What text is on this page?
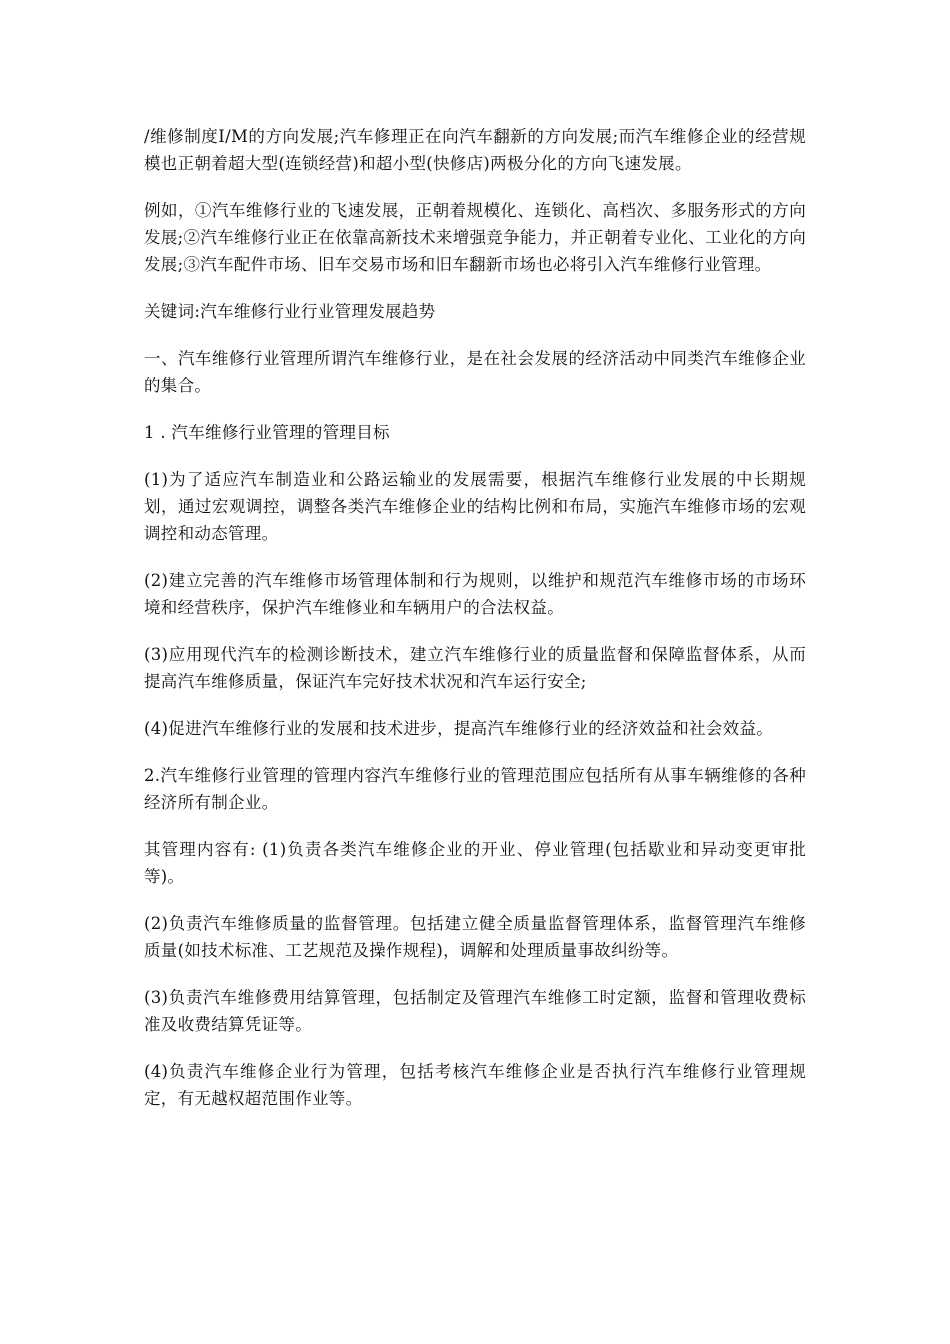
/维修制度I/M的方向发展;汽车修理正在向汽车翻新的方向发展;而汽车维修企业的经营规模也正朝着超大型(连锁经营)和超小型(快修店)两极分化的方向飞速发展。

例如，①汽车维修行业的飞速发展，正朝着规模化、连锁化、高档次、多服务形式的方向发展;②汽车维修行业正在依靠高新技术来增强竞争能力，并正朝着专业化、工业化的方向发展;③汽车配件市场、旧车交易市场和旧车翻新市场也必将引入汽车维修行业管理。

关键词:汽车维修行业行业管理发展趋势

一、汽车维修行业管理所谓汽车维修行业，是在社会发展的经济活动中同类汽车维修企业的集合。

1 . 汽车维修行业管理的管理目标

(1)为了适应汽车制造业和公路运输业的发展需要，根据汽车维修行业发展的中长期规划，通过宏观调控，调整各类汽车维修企业的结构比例和布局，实施汽车维修市场的宏观调控和动态管理。

(2)建立完善的汽车维修市场管理体制和行为规则，以维护和规范汽车维修市场的市场环境和经营秩序，保护汽车维修业和车辆用户的合法权益。

(3)应用现代汽车的检测诊断技术，建立汽车维修行业的质量监督和保障监督体系，从而提高汽车维修质量，保证汽车完好技术状况和汽车运行安全;

(4)促进汽车维修行业的发展和技术进步，提高汽车维修行业的经济效益和社会效益。

2.汽车维修行业管理的管理内容汽车维修行业的管理范围应包括所有从事车辆维修的各种经济所有制企业。

其管理内容有: (1)负责各类汽车维修企业的开业、停业管理(包括歇业和异动变更审批等)。

(2)负责汽车维修质量的监督管理。包括建立健全质量监督管理体系，监督管理汽车维修质量(如技术标准、工艺规范及操作规程)，调解和处理质量事故纠纷等。

(3)负责汽车维修费用结算管理，包括制定及管理汽车维修工时定额，监督和管理收费标准及收费结算凭证等。

(4)负责汽车维修企业行为管理，包括考核汽车维修企业是否执行汽车维修行业管理规定，有无越权超范围作业等。
